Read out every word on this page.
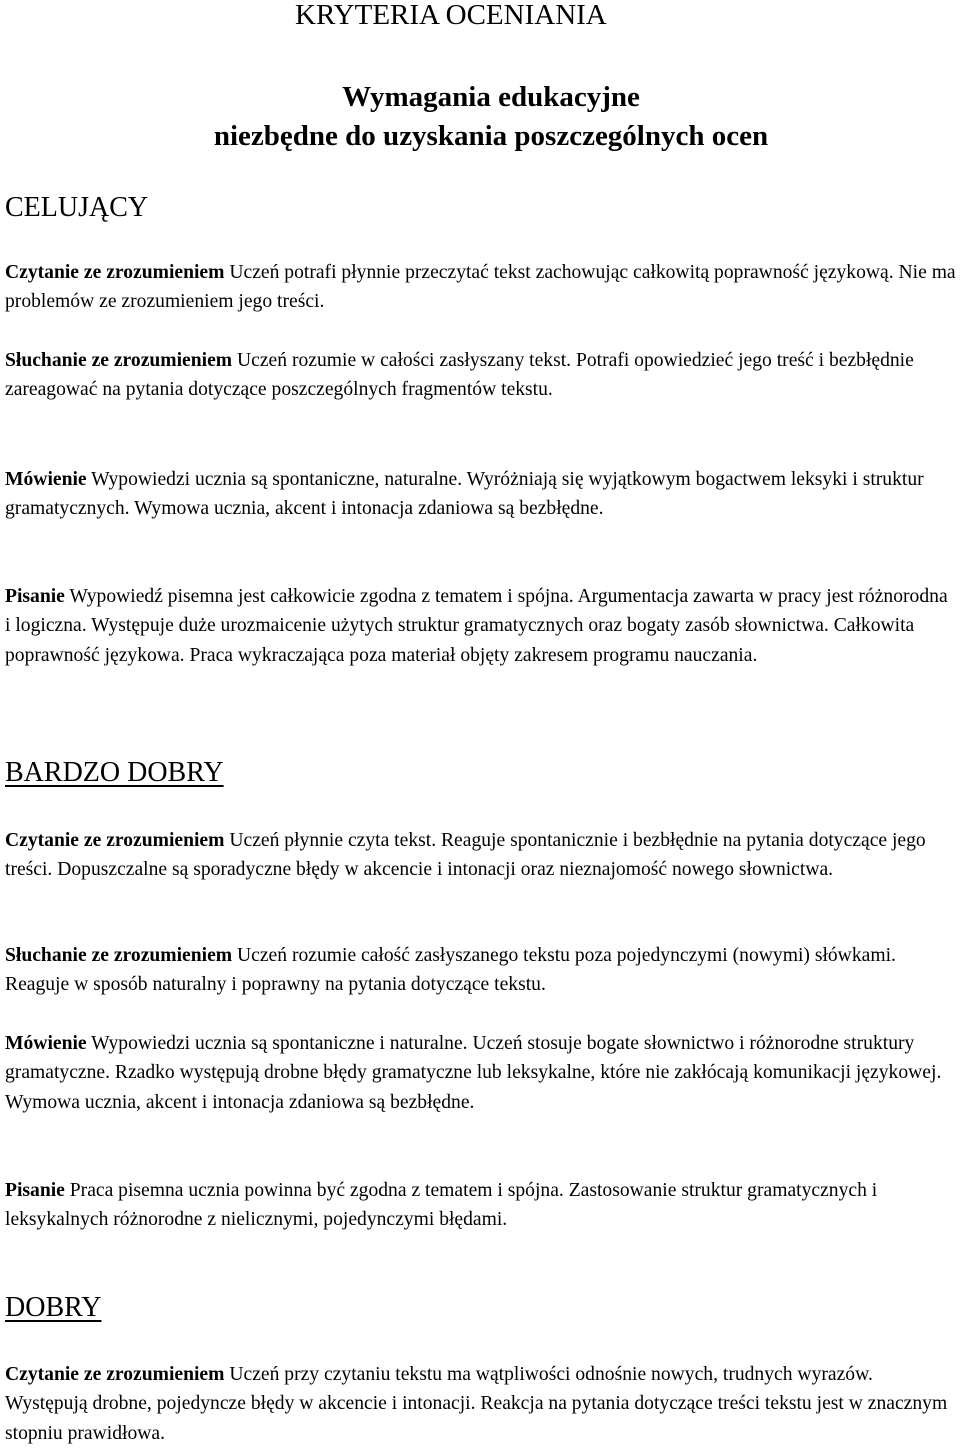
KRYTERIA OCENIANIA
Wymagania edukacyjne
niezbędne do uzyskania poszczególnych ocen
CELUJĄCY
Czytanie ze zrozumieniem Uczeń potrafi płynnie przeczytać tekst zachowując całkowitą poprawność językową. Nie ma problemów ze zrozumieniem jego treści.
Słuchanie ze zrozumieniem Uczeń rozumie w całości zasłyszany tekst. Potrafi opowiedzieć jego treść i bezbłędnie zareagować na pytania dotyczące poszczególnych fragmentów tekstu.
Mówienie Wypowiedzi ucznia są spontaniczne, naturalne. Wyróżniają się wyjątkowym bogactwem leksyki i struktur gramatycznych. Wymowa ucznia, akcent i intonacja zdaniowa są bezbłędne.
Pisanie Wypowiedź pisemna jest całkowicie zgodna z tematem i spójna. Argumentacja zawarta w pracy jest różnorodna i logiczna. Występuje duże urozmaicenie użytych struktur gramatycznych oraz bogaty zasób słownictwa. Całkowita poprawność językowa. Praca wykraczająca poza materiał objęty zakresem programu nauczania.
BARDZO DOBRY
Czytanie ze zrozumieniem Uczeń płynnie czyta tekst. Reaguje spontanicznie i bezbłędnie na pytania dotyczące jego treści. Dopuszczalne są sporadyczne błędy w akcencie i intonacji oraz nieznajomość nowego słownictwa.
Słuchanie ze zrozumieniem Uczeń rozumie całość zasłyszanego tekstu poza pojedynczymi (nowymi) słówkami. Reaguje w sposób naturalny i poprawny na pytania dotyczące tekstu.
Mówienie Wypowiedzi ucznia są spontaniczne i naturalne. Uczeń stosuje bogate słownictwo i różnorodne struktury gramatyczne. Rzadko występują drobne błędy gramatyczne lub leksykalne, które nie zakłócają komunikacji językowej. Wymowa ucznia, akcent i intonacja zdaniowa są bezbłędne.
Pisanie Praca pisemna ucznia powinna być zgodna z tematem i spójna. Zastosowanie struktur gramatycznych i leksykalnych różnorodne z nielicznymi, pojedynczymi błędami.
DOBRY
Czytanie ze zrozumieniem Uczeń przy czytaniu tekstu ma wątpliwości odnośnie nowych, trudnych wyrazów. Występują drobne, pojedyncze błędy w akcencie i intonacji. Reakcja na pytania dotyczące treści tekstu jest w znacznym stopniu prawidłowa.
